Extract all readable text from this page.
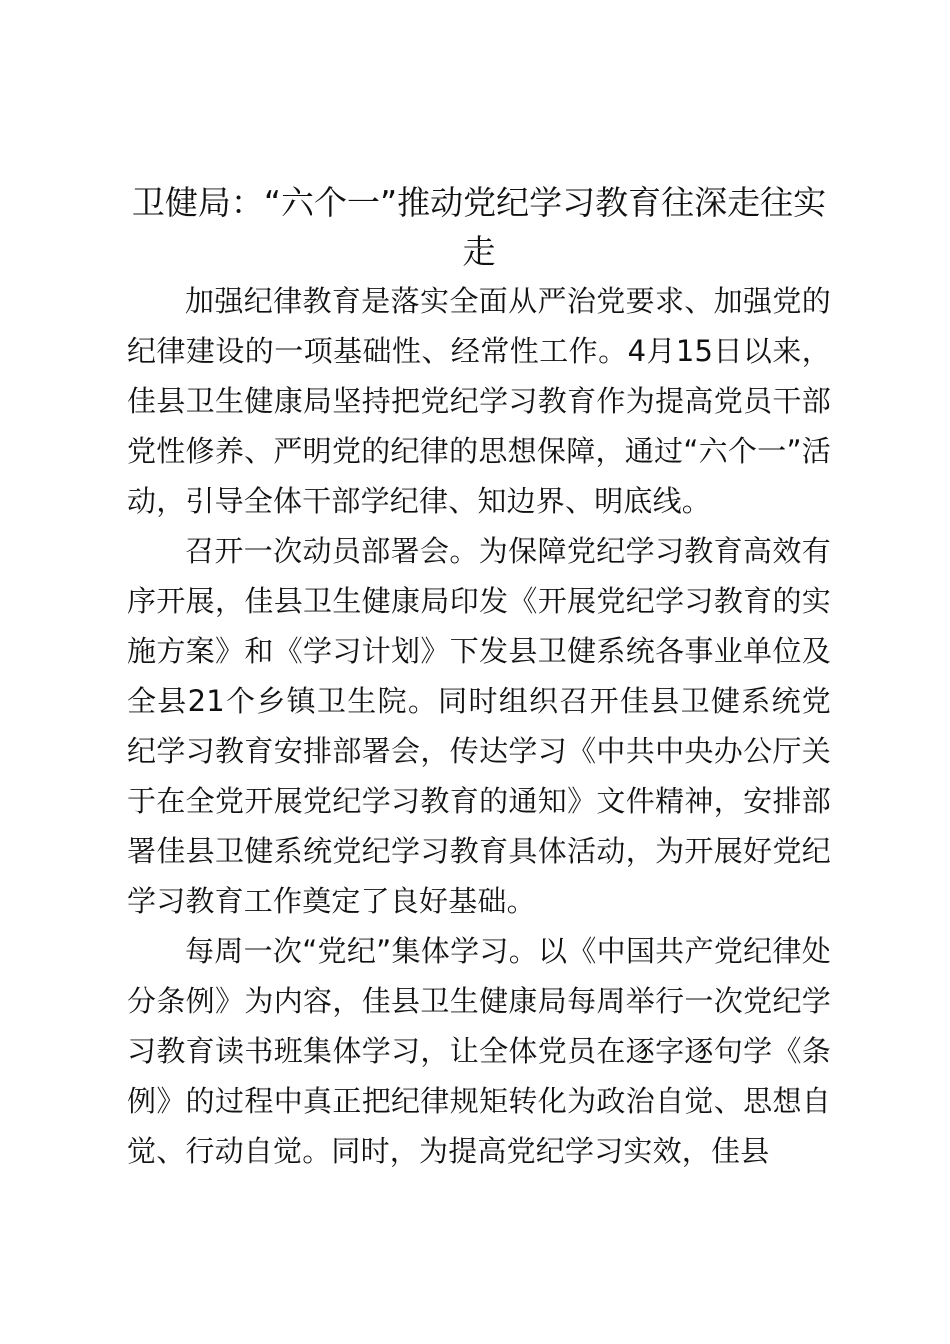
卫健局：“六个一”推动党纪学习教育往深走往实走

加强纪律教育是落实全面从严治党要求、加强党的纪律建设的一项基础性、经常性工作。4月15日以来，佳县卫生健康局坚持把党纪学习教育作为提高党员干部党性修养、严明党的纪律的思想保障，通过“六个一”活动，引导全体干部学纪律、知边界、明底线。

召开一次动员部署会。为保障党纪学习教育高效有序开展，佳县卫生健康局印发《开展党纪学习教育的实施方案》和《学习计划》下发县卫健系统各事业单位及全县21个乡镇卫生院。同时组织召开佳县卫健系统党纪学习教育安排部署会，传达学习《中共中央办公厅关于在全党开展党纪学习教育的通知》文件精神，安排部署佳县卫健系统党纪学习教育具体活动，为开展好党纪学习教育工作奠定了良好基础。

每周一次“党纪”集体学习。以《中国共产党纪律处分条例》为内容，佳县卫生健康局每周举行一次党纪学习教育读书班集体学习，让全体党员在逐字逐句学《条例》的过程中真正把纪律规矩转化为政治自觉、思想自觉、行动自觉。同时，为提高党纪学习实效，佳县
